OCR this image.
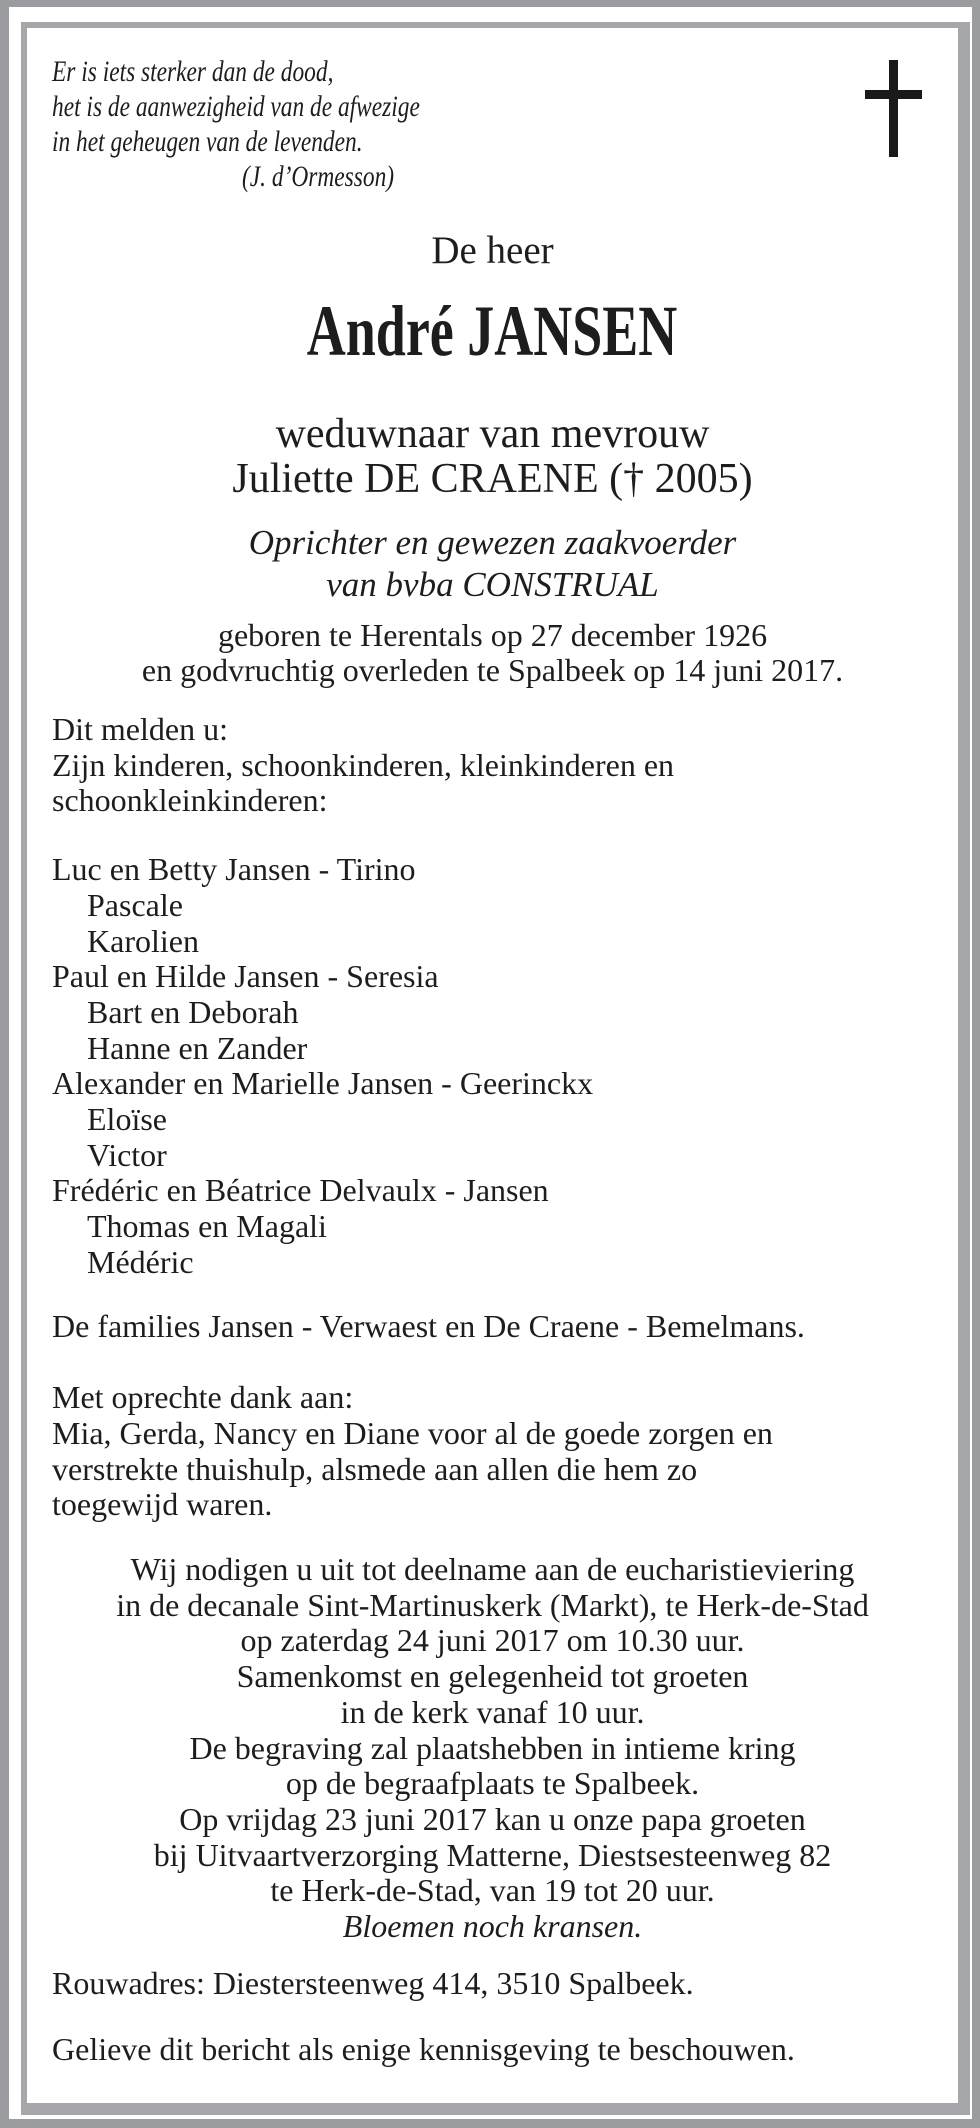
Er is iets sterker dan de dood,
het is de aanwezigheid van de afwezige
in het geheugen van de levenden.
(J. d’Ormesson)
De heer
André JANSEN
weduwnaar van mevrouw
Juliette DE CRAENE († 2005)
Oprichter en gewezen zaakvoerder
van bvba CONSTRUAL
geboren te Herentals op 27 december 1926
en godvruchtig overleden te Spalbeek op 14 juni 2017.
Dit melden u:
Zijn kinderen, schoonkinderen, kleinkinderen en
schoonkleinkinderen:
Luc en Betty Jansen - Tirino
Pascale
Karolien
Paul en Hilde Jansen - Seresia
Bart en Deborah
Hanne en Zander
Alexander en Marielle Jansen - Geerinckx
Eloïse
Victor
Frédéric en Béatrice Delvaulx - Jansen
Thomas en Magali
Médéric
De families Jansen - Verwaest en De Craene - Bemelmans.
Met oprechte dank aan:
Mia, Gerda, Nancy en Diane voor al de goede zorgen en
verstrekte thuishulp, alsmede aan allen die hem zo
toegewijd waren.
Wij nodigen u uit tot deelname aan de eucharistieviering
in de decanale Sint-Martinuskerk (Markt), te Herk-de-Stad
op zaterdag 24 juni 2017 om 10.30 uur.
Samenkomst en gelegenheid tot groeten
in de kerk vanaf 10 uur.
De begraving zal plaatshebben in intieme kring
op de begraafplaats te Spalbeek.
Op vrijdag 23 juni 2017 kan u onze papa groeten
bij Uitvaartverzorging Matterne, Diestsesteenweg 82
te Herk-de-Stad, van 19 tot 20 uur.
Bloemen noch kransen.
Rouwadres: Diestersteenweg 414, 3510 Spalbeek.
Gelieve dit bericht als enige kennisgeving te beschouwen.
